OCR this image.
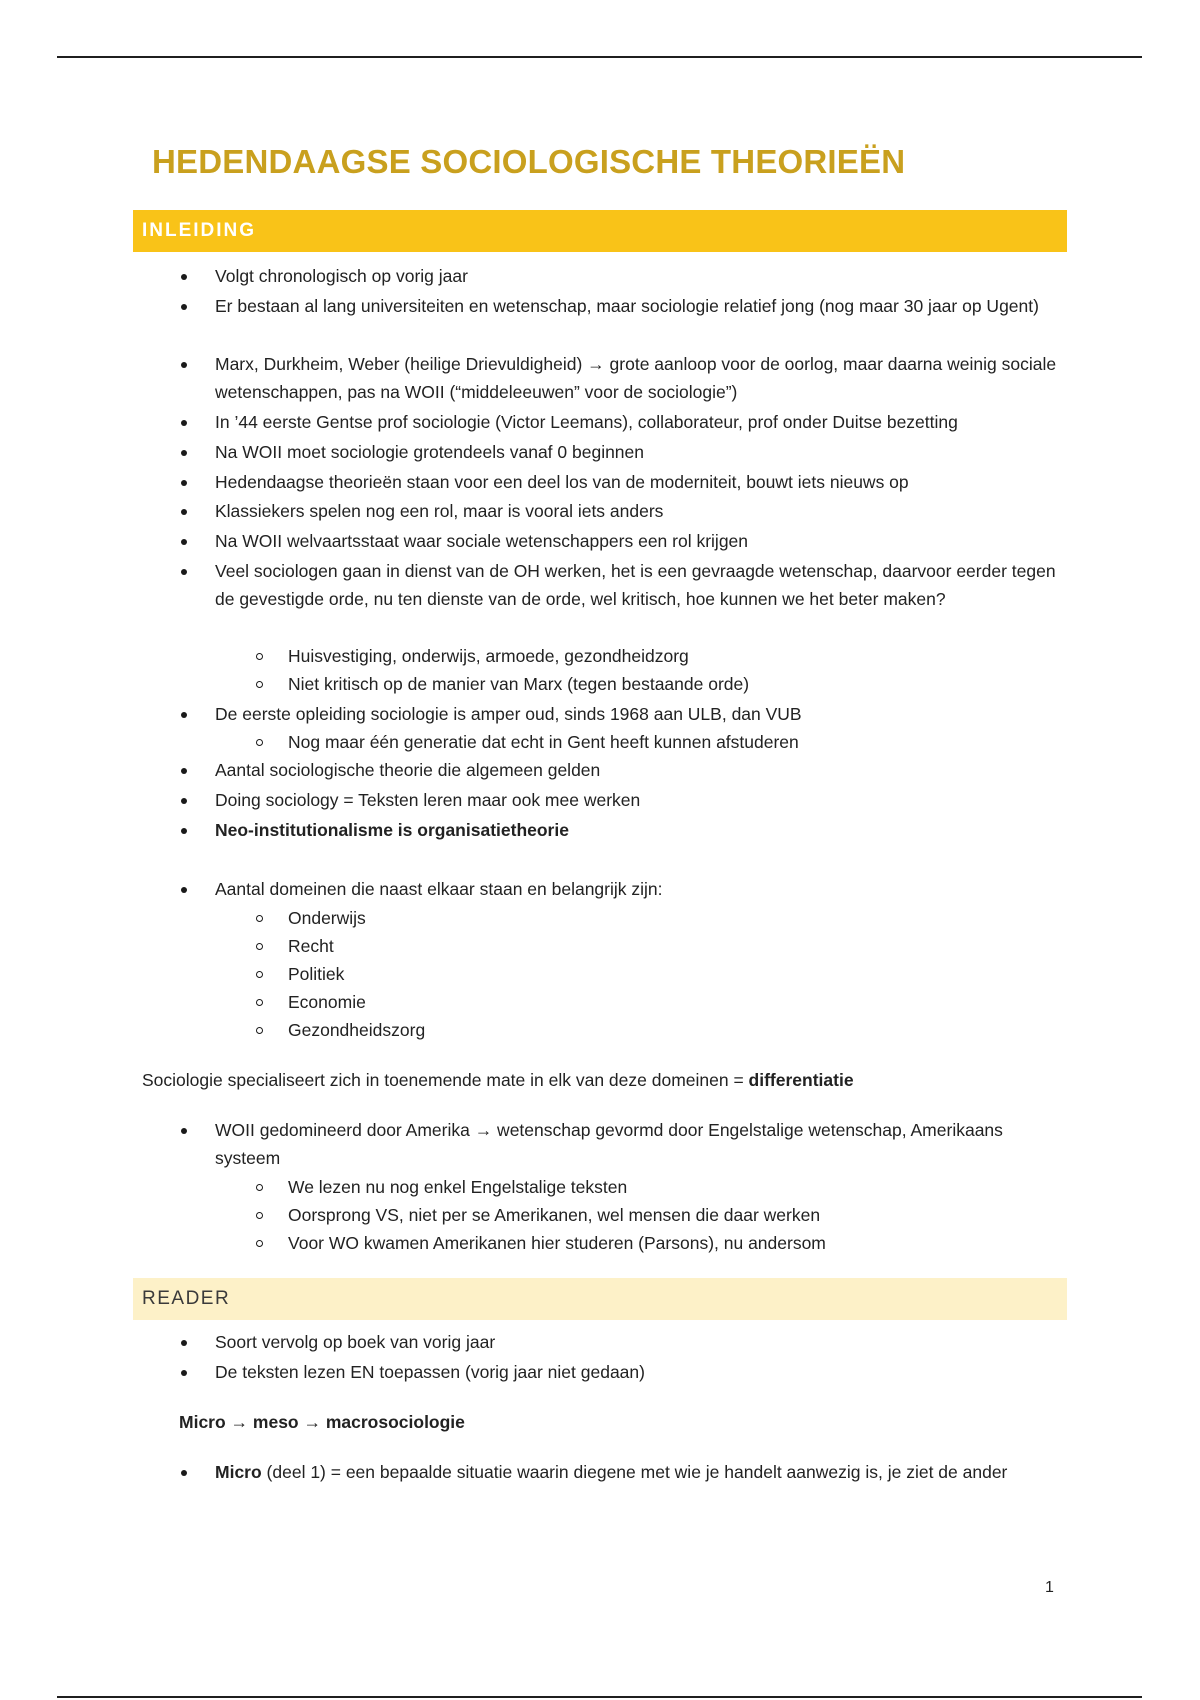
HEDENDAAGSE SOCIOLOGISCHE THEORIEËN
INLEIDING
Volgt chronologisch op vorig jaar
Er bestaan al lang universiteiten en wetenschap, maar sociologie relatief jong (nog maar 30 jaar op Ugent)
Marx, Durkheim, Weber (heilige Drievuldigheid) → grote aanloop voor de oorlog, maar daarna weinig sociale wetenschappen, pas na WOII (“middeleeuwen” voor de sociologie”)
In ’44 eerste Gentse prof sociologie (Victor Leemans), collaborateur, prof onder Duitse bezetting
Na WOII moet sociologie grotendeels vanaf 0 beginnen
Hedendaagse theorieën staan voor een deel los van de moderniteit, bouwt iets nieuws op
Klassiekers spelen nog een rol, maar is vooral iets anders
Na WOII welvaartsstaat waar sociale wetenschappers een rol krijgen
Veel sociologen gaan in dienst van de OH werken, het is een gevraagde wetenschap, daarvoor eerder tegen de gevestigde orde, nu ten dienste van de orde, wel kritisch, hoe kunnen we het beter maken?
Huisvestiging, onderwijs, armoede, gezondheidzorg
Niet kritisch op de manier van Marx (tegen bestaande orde)
De eerste opleiding sociologie is amper oud, sinds 1968 aan ULB, dan VUB
Nog maar één generatie dat echt in Gent heeft kunnen afstuderen
Aantal sociologische theorie die algemeen gelden
Doing sociology = Teksten leren maar ook mee werken
Neo-institutionalisme is organisatietheorie
Aantal domeinen die naast elkaar staan en belangrijk zijn:
Onderwijs
Recht
Politiek
Economie
Gezondheidszorg

Sociologie specialiseert zich in toenemende mate in elk van deze domeinen = differentiatie

WOII gedomineerd door Amerika → wetenschap gevormd door Engelstalige wetenschap, Amerikaans systeem
We lezen nu nog enkel Engelstalige teksten
Oorsprong VS, niet per se Amerikanen, wel mensen die daar werken
Voor WO kwamen Amerikanen hier studeren (Parsons), nu andersom
READER
Soort vervolg op boek van vorig jaar
De teksten lezen EN toepassen (vorig jaar niet gedaan)

Micro → meso → macrosociologie

Micro (deel 1) = een bepaalde situatie waarin diegene met wie je handelt aanwezig is, je ziet de ander
1
